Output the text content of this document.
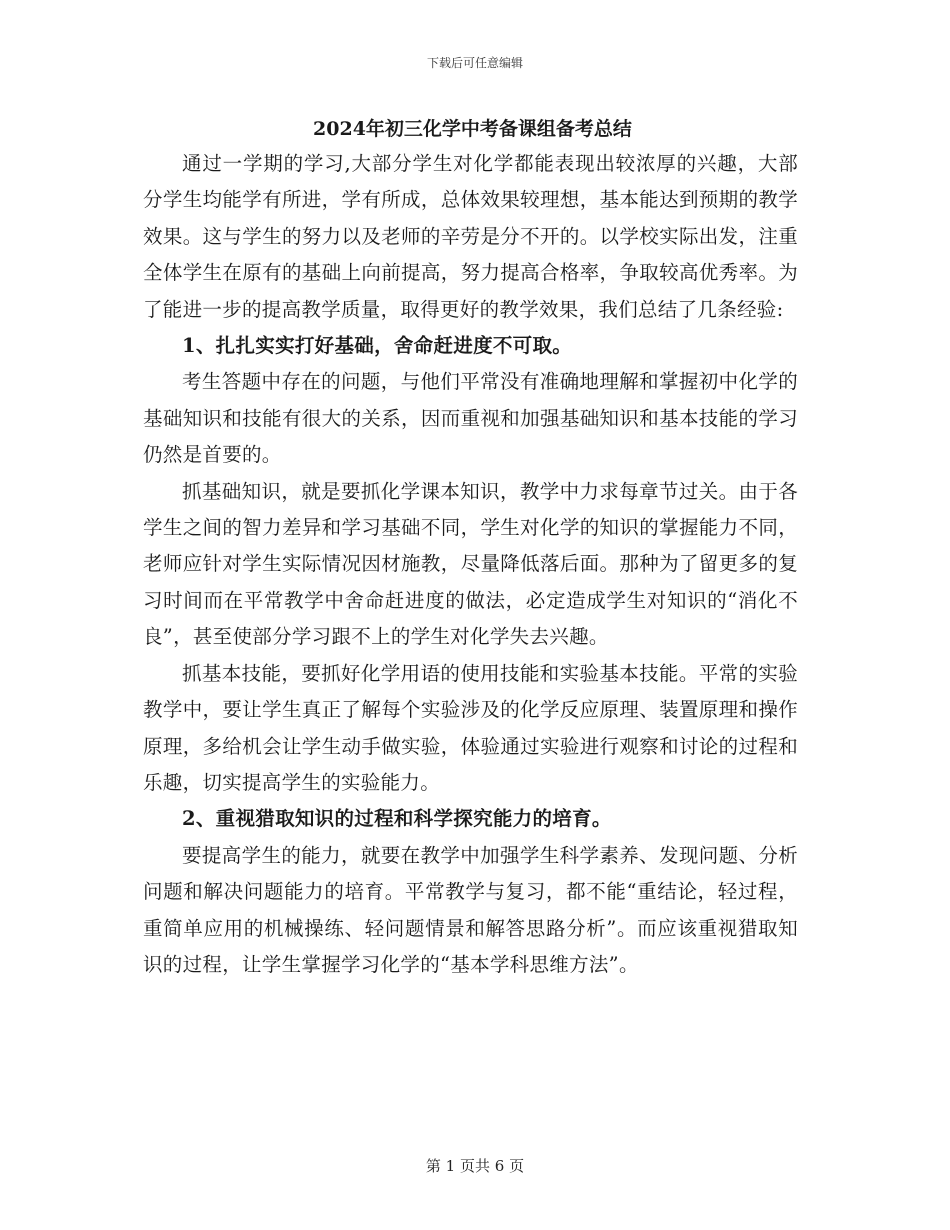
下载后可任意编辑
2024年初三化学中考备课组备考总结

通过一学期的学习,大部分学生对化学都能表现出较浓厚的兴趣，大部分学生均能学有所进，学有所成，总体效果较理想，基本能达到预期的教学效果。这与学生的努力以及老师的辛劳是分不开的。以学校实际出发，注重全体学生在原有的基础上向前提高，努力提高合格率，争取较高优秀率。为了能进一步的提高教学质量，取得更好的教学效果，我们总结了几条经验:

1、扎扎实实打好基础，舍命赶进度不可取。

考生答题中存在的问题，与他们平常没有准确地理解和掌握初中化学的基础知识和技能有很大的关系，因而重视和加强基础知识和基本技能的学习仍然是首要的。

抓基础知识，就是要抓化学课本知识，教学中力求每章节过关。由于各学生之间的智力差异和学习基础不同，学生对化学的知识的掌握能力不同，老师应针对学生实际情况因材施教，尽量降低落后面。那种为了留更多的复习时间而在平常教学中舍命赶进度的做法，必定造成学生对知识的“消化不良”，甚至使部分学习跟不上的学生对化学失去兴趣。

抓基本技能，要抓好化学用语的使用技能和实验基本技能。平常的实验教学中，要让学生真正了解每个实验涉及的化学反应原理、装置原理和操作原理，多给机会让学生动手做实验，体验通过实验进行观察和讨论的过程和乐趣，切实提高学生的实验能力。

2、重视猎取知识的过程和科学探究能力的培育。

要提高学生的能力，就要在教学中加强学生科学素养、发现问题、分析问题和解决问题能力的培育。平常教学与复习，都不能“重结论，轻过程，重简单应用的机械操练、轻问题情景和解答思路分析”。而应该重视猎取知识的过程，让学生掌握学习化学的“基本学科思维方法”。

第 1 页共 6 页
